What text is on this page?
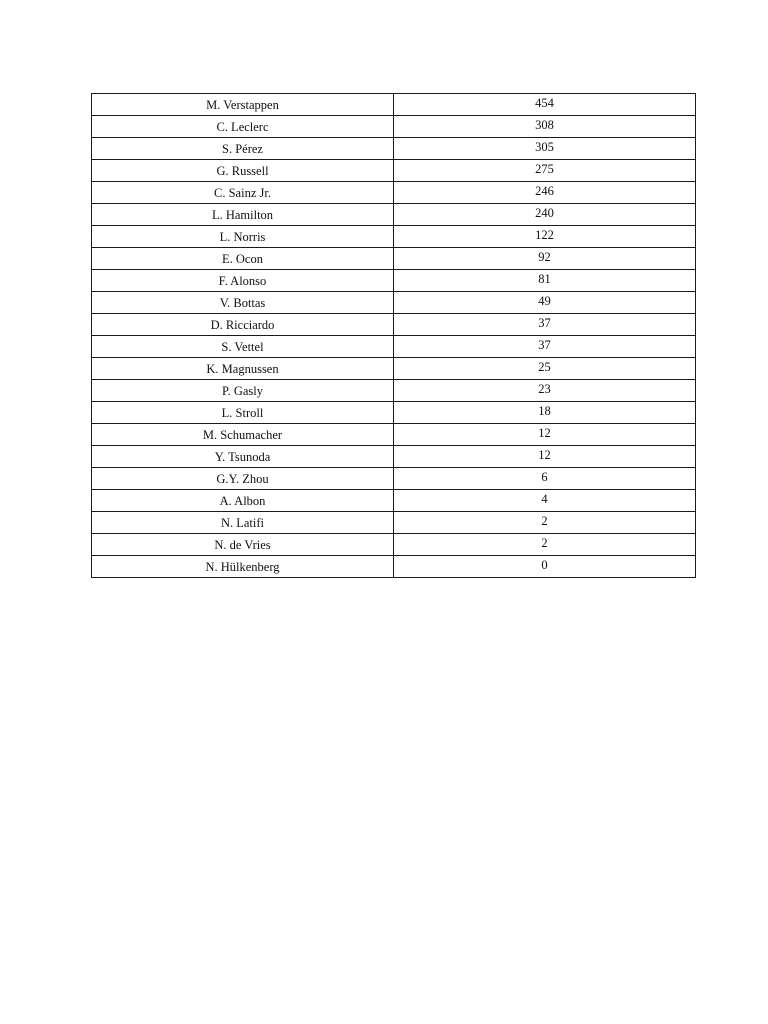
M. Verstappen	454
C. Leclerc	308
S. Pérez	305
G. Russell	275
C. Sainz Jr.	246
L. Hamilton	240
L. Norris	122
E. Ocon	92
F. Alonso	81
V. Bottas	49
D. Ricciardo	37
S. Vettel	37
K. Magnussen	25
P. Gasly	23
L. Stroll	18
M. Schumacher	12
Y. Tsunoda	12
G.Y. Zhou	6
A. Albon	4
N. Latifi	2
N. de Vries	2
N. Hülkenberg	0
